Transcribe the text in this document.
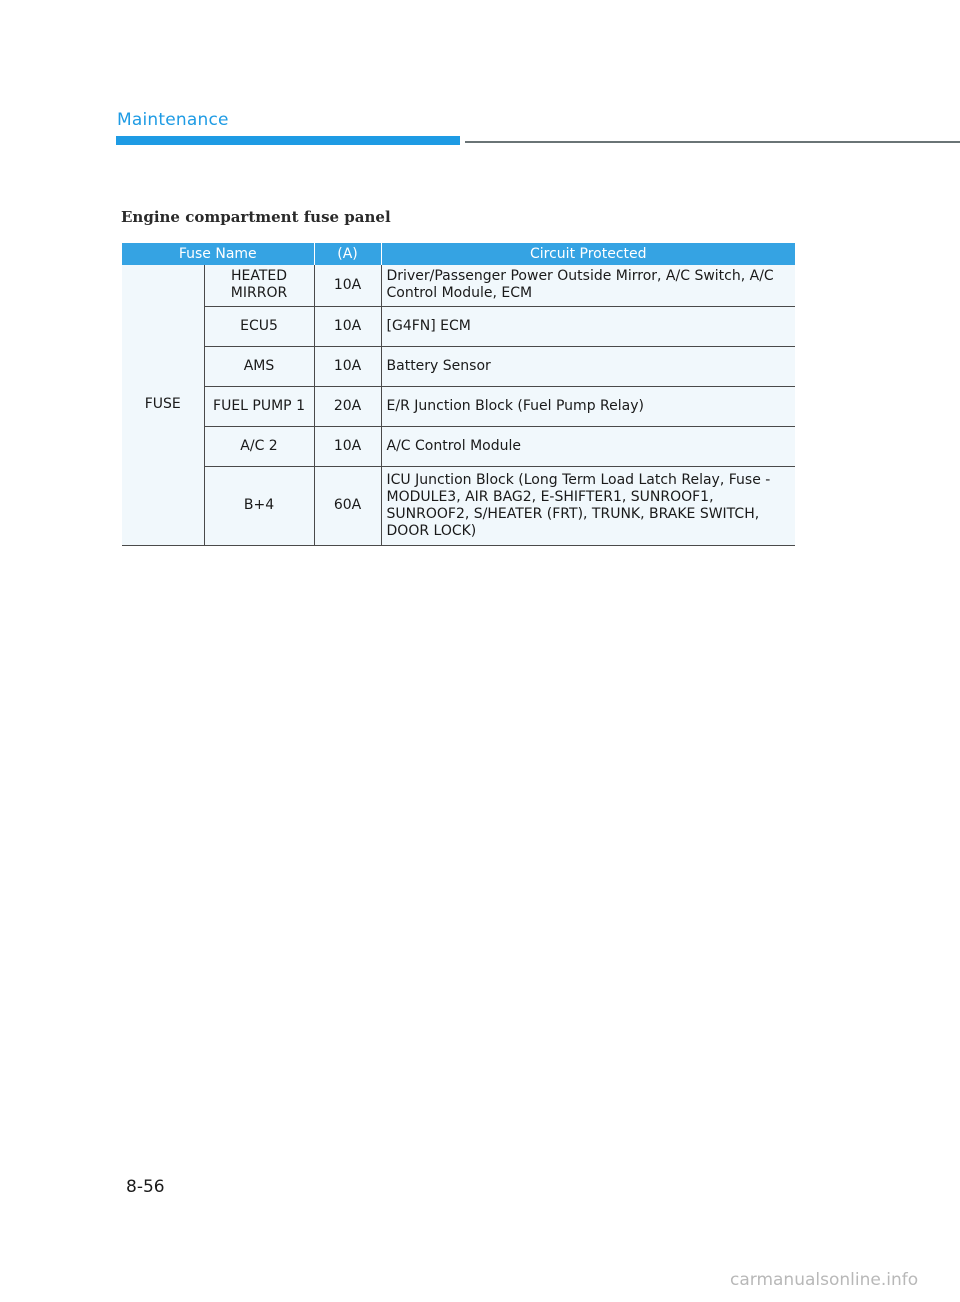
Maintenance
Engine compartment fuse panel
Fuse Name		(A)	Circuit Protected
FUSE	HEATED MIRROR	10A	Driver/Passenger Power Outside Mirror, A/C Switch, A/C Control Module, ECM
	ECU5	10A	[G4FN] ECM
	AMS	10A	Battery Sensor
	FUEL PUMP 1	20A	E/R Junction Block (Fuel Pump Relay)
	A/C 2	10A	A/C Control Module
	B+4	60A	ICU Junction Block (Long Term Load Latch Relay, Fuse - MODULE3, AIR BAG2, E-SHIFTER1, SUNROOF1, SUNROOF2, S/HEATER (FRT), TRUNK, BRAKE SWITCH, DOOR LOCK)
8-56
carmanualsonline.info
